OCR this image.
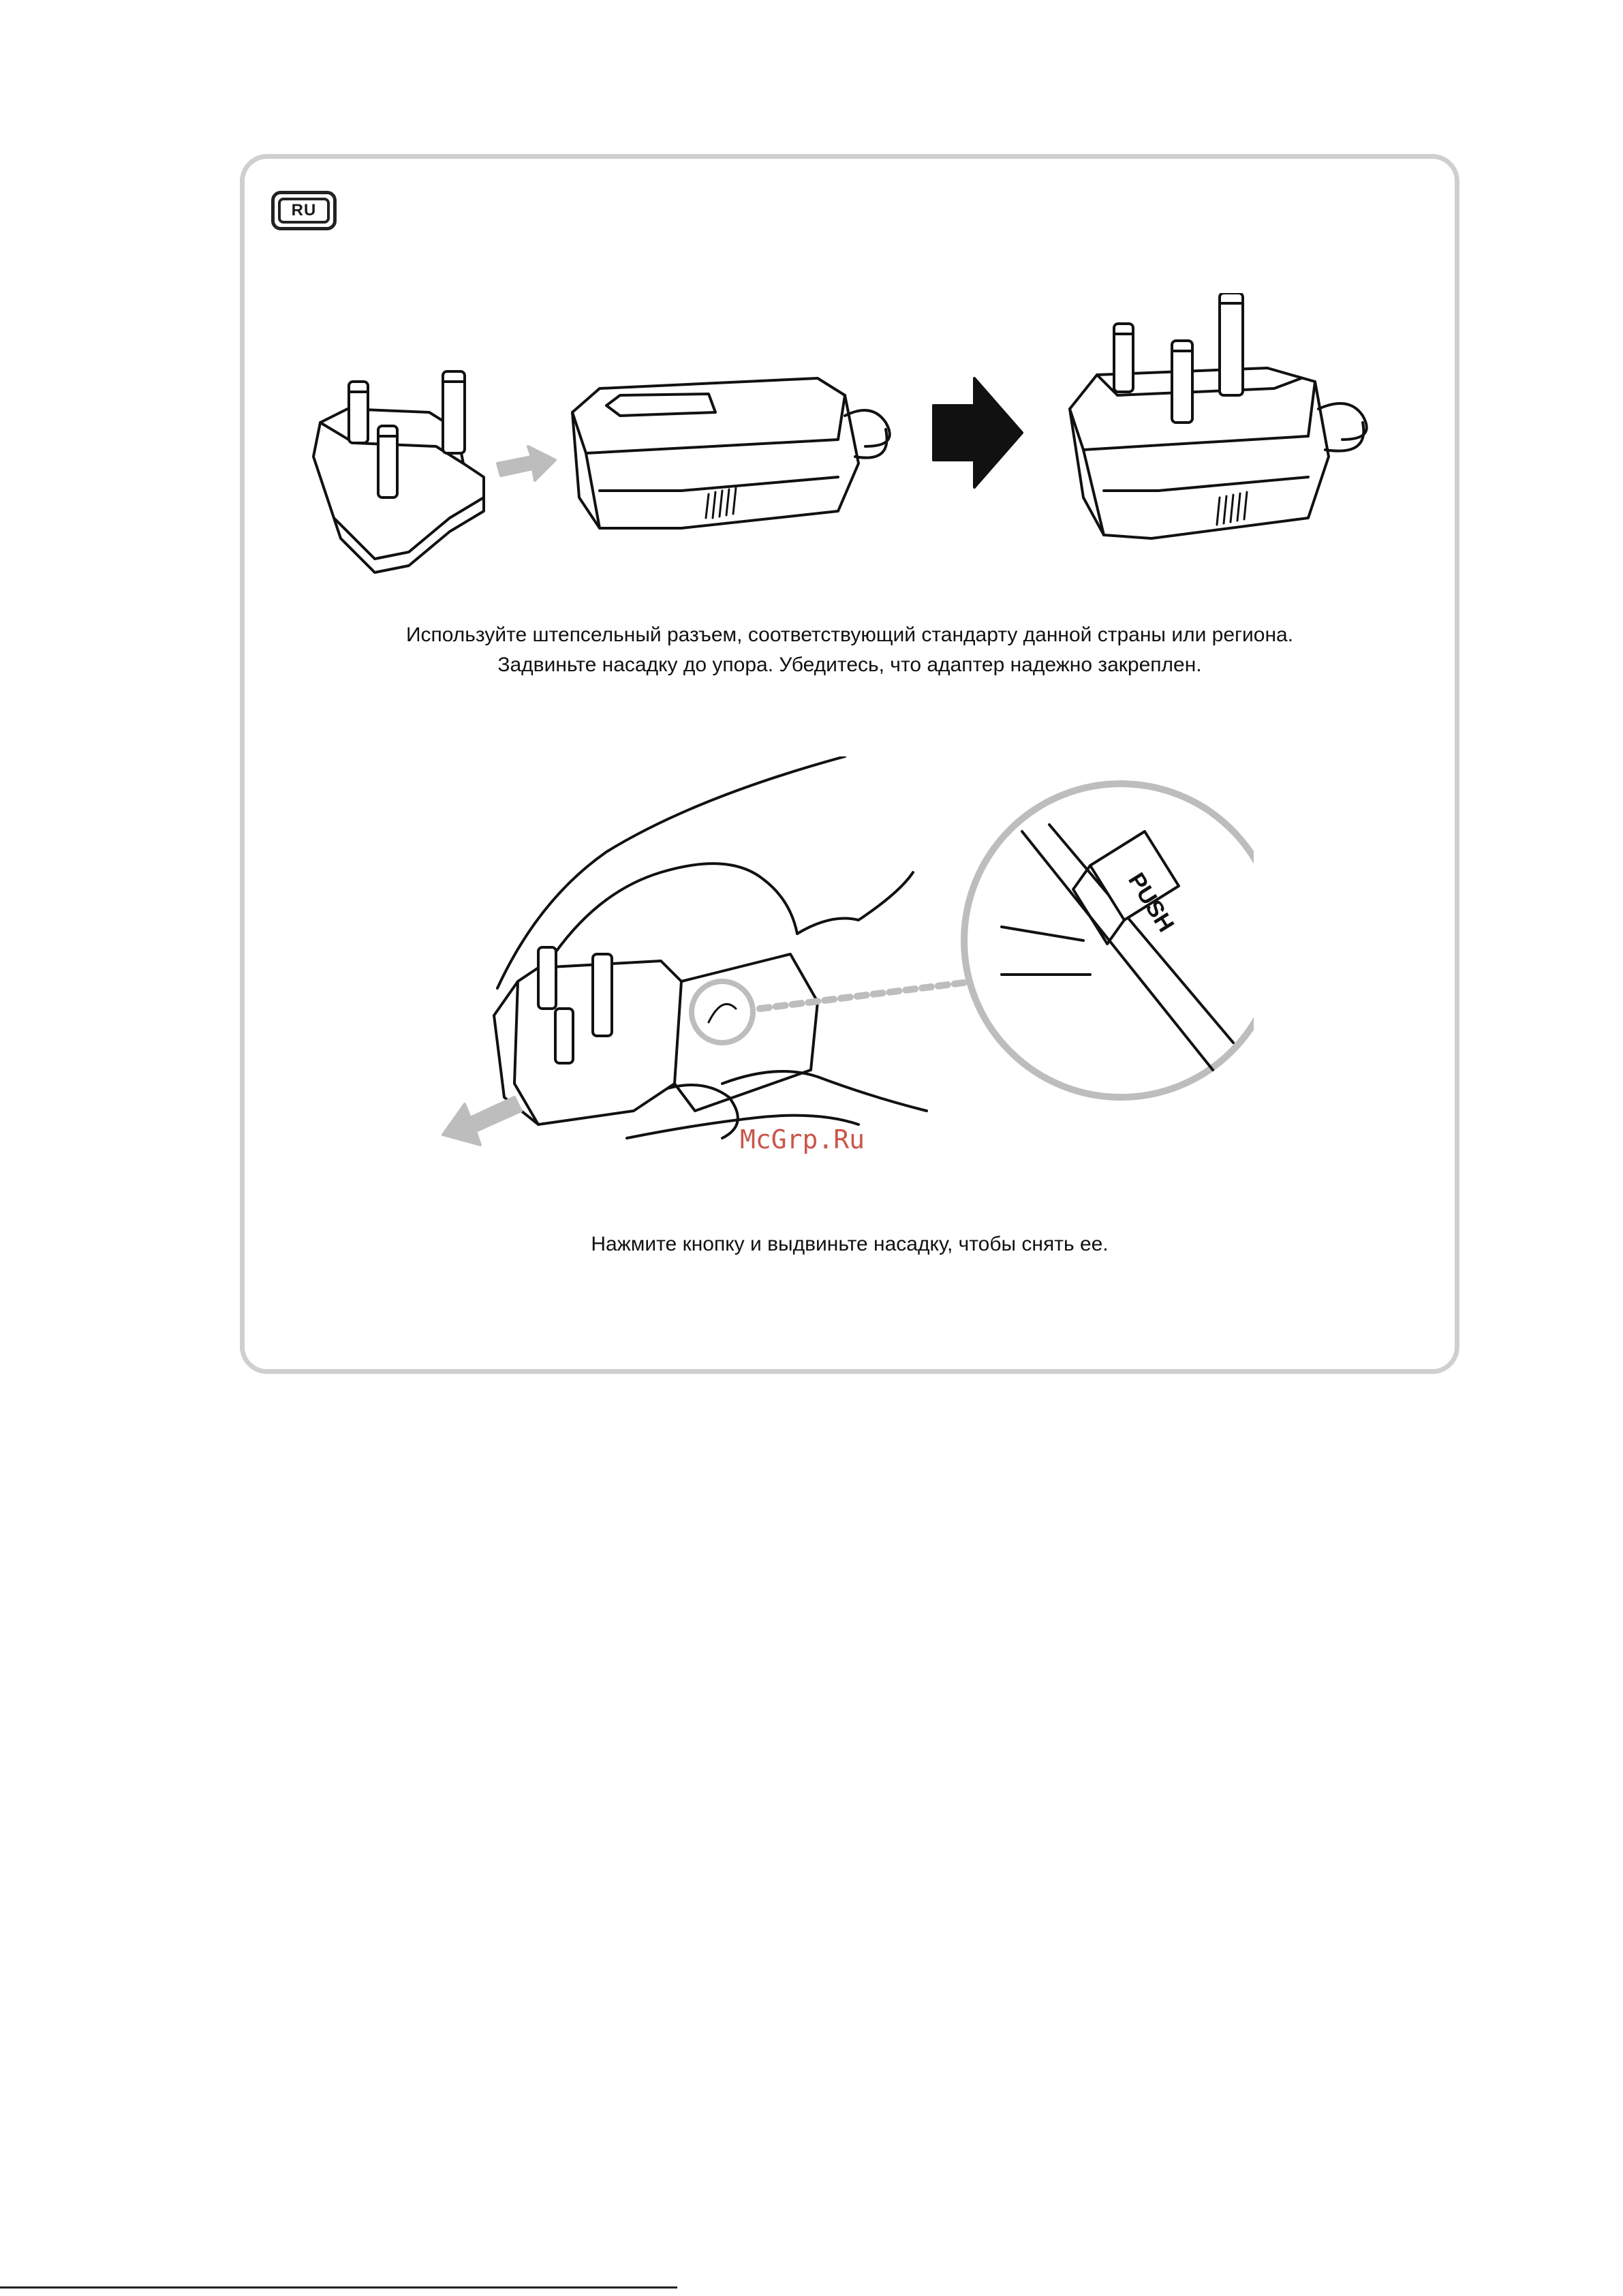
RU
Используйте штепсельный разъем, соответствующий стандарту данной страны или региона.
Задвиньте насадку до упора. Убедитесь, что адаптер надежно закреплен.
PUSH
McGrp.Ru
Нажмите кнопку и выдвиньте насадку, чтобы снять ее.
